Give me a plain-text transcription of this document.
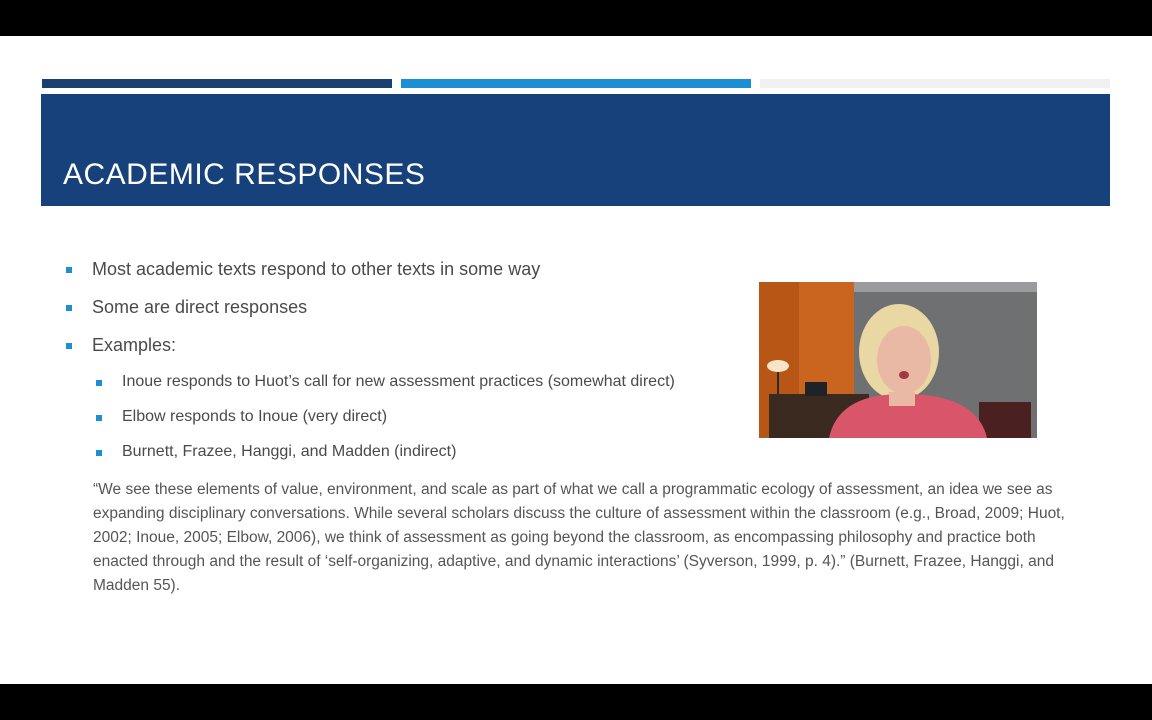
ACADEMIC RESPONSES
Most academic texts respond to other texts in some way
Some are direct responses
Examples:
Inoue responds to Huot’s call for new assessment practices (somewhat direct)
Elbow responds to Inoue (very direct)
Burnett, Frazee, Hanggi, and Madden (indirect)

“We see these elements of value, environment, and scale as part of what we call a programmatic ecology of assessment, an idea we see as expanding disciplinary conversations. While several scholars discuss the culture of assessment within the classroom (e.g., Broad, 2009; Huot, 2002; Inoue, 2005; Elbow, 2006), we think of assessment as going beyond the classroom, as encompassing philosophy and practice both enacted through and the result of ‘self-organizing, adaptive, and dynamic interactions’ (Syverson, 1999, p. 4).” (Burnett, Frazee, Hanggi, and Madden 55).
